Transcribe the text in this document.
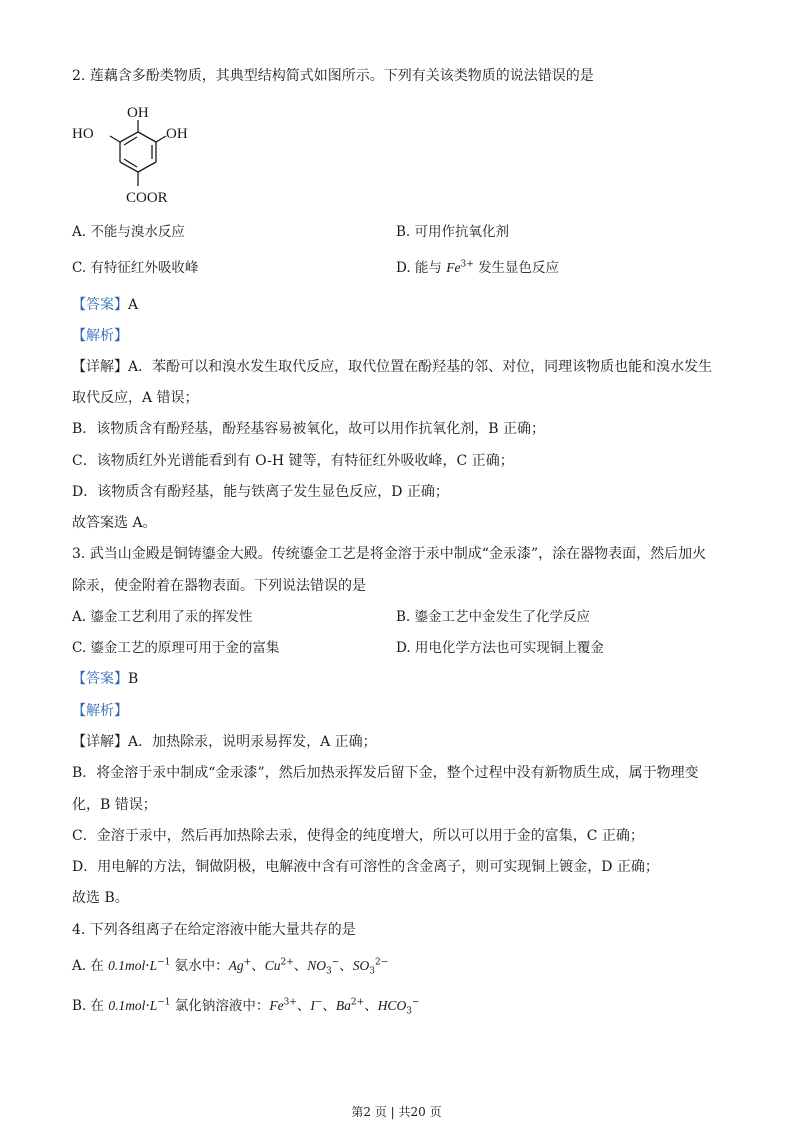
2. 莲藕含多酚类物质，其典型结构简式如图所示。下列有关该类物质的说法错误的是
OH
HO	OH
COOR
A. 不能与溴水反应	B. 可用作抗氧化剂
C. 有特征红外吸收峰	D. 能与 $Fe^{3+}$ 发生显色反应
【答案】A
【解析】
【详解】A．苯酚可以和溴水发生取代反应，取代位置在酚羟基的邻、对位，同理该物质也能和溴水发生
取代反应，A 错误；
B．该物质含有酚羟基，酚羟基容易被氧化，故可以用作抗氧化剂，B 正确；
C．该物质红外光谱能看到有 O-H 键等，有特征红外吸收峰，C 正确；
D．该物质含有酚羟基，能与铁离子发生显色反应，D 正确；
故答案选 A。
3. 武当山金殿是铜铸鎏金大殿。传统鎏金工艺是将金溶于汞中制成“金汞漆”，涂在器物表面，然后加火
除汞，使金附着在器物表面。下列说法错误的是
A. 鎏金工艺利用了汞的挥发性	B. 鎏金工艺中金发生了化学反应
C. 鎏金工艺的原理可用于金的富集	D. 用电化学方法也可实现铜上覆金
【答案】B
【解析】
【详解】A．加热除汞，说明汞易挥发，A 正确；
B．将金溶于汞中制成“金汞漆”，然后加热汞挥发后留下金，整个过程中没有新物质生成，属于物理变
化，B 错误；
C．金溶于汞中，然后再加热除去汞，使得金的纯度增大，所以可以用于金的富集，C 正确；
D．用电解的方法，铜做阴极，电解液中含有可溶性的含金离子，则可实现铜上镀金，D 正确；
故选 B。
4. 下列各组离子在给定溶液中能大量共存的是
A. 在 $0.1mol\cdot L^{-1}$ 氨水中：Ag+、$Cu^{2+}$、$NO_3^-$、$SO_3^{2-}$
B. 在 $0.1mol\cdot L^{-1}$ 氯化钠溶液中：$Fe^{3+}$、I−、$Ba^{2+}$、$HCO_3^-$
第2 页 | 共20 页
